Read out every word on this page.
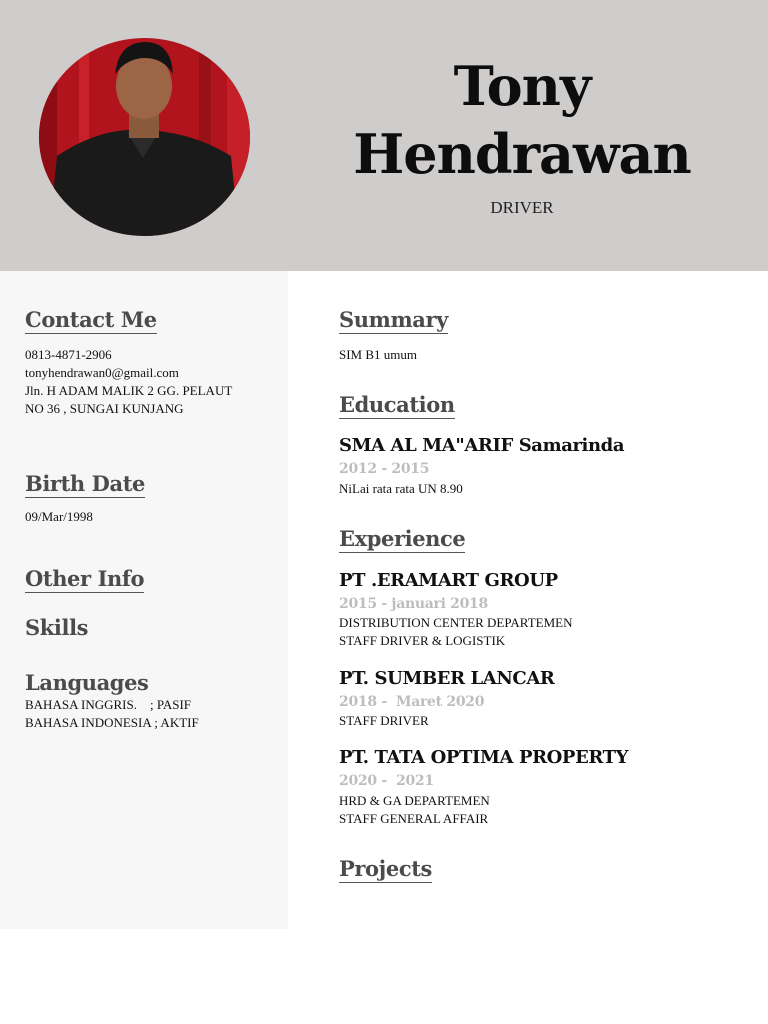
Tony
Hendrawan
DRIVER
Contact Me
0813-4871-2906
tonyhendrawan0@gmail.com
Jln. H ADAM MALIK 2 GG. PELAUT
NO 36 , SUNGAI KUNJANG
Birth Date
09/Mar/1998
Other Info
Skills
Languages
BAHASA INGGRIS.    ; PASIF
BAHASA INDONESIA ; AKTIF
Summary
SIM B1 umum
Education
SMA AL MA"ARIF Samarinda
2012 - 2015
NiLai rata rata UN 8.90
Experience
PT .ERAMART GROUP
2015 - januari 2018
DISTRIBUTION CENTER DEPARTEMEN
STAFF DRIVER & LOGISTIK
PT. SUMBER LANCAR
2018 -  Maret 2020
STAFF DRIVER
PT. TATA OPTIMA PROPERTY
2020 -  2021
HRD & GA DEPARTEMEN
STAFF GENERAL AFFAIR
Projects
